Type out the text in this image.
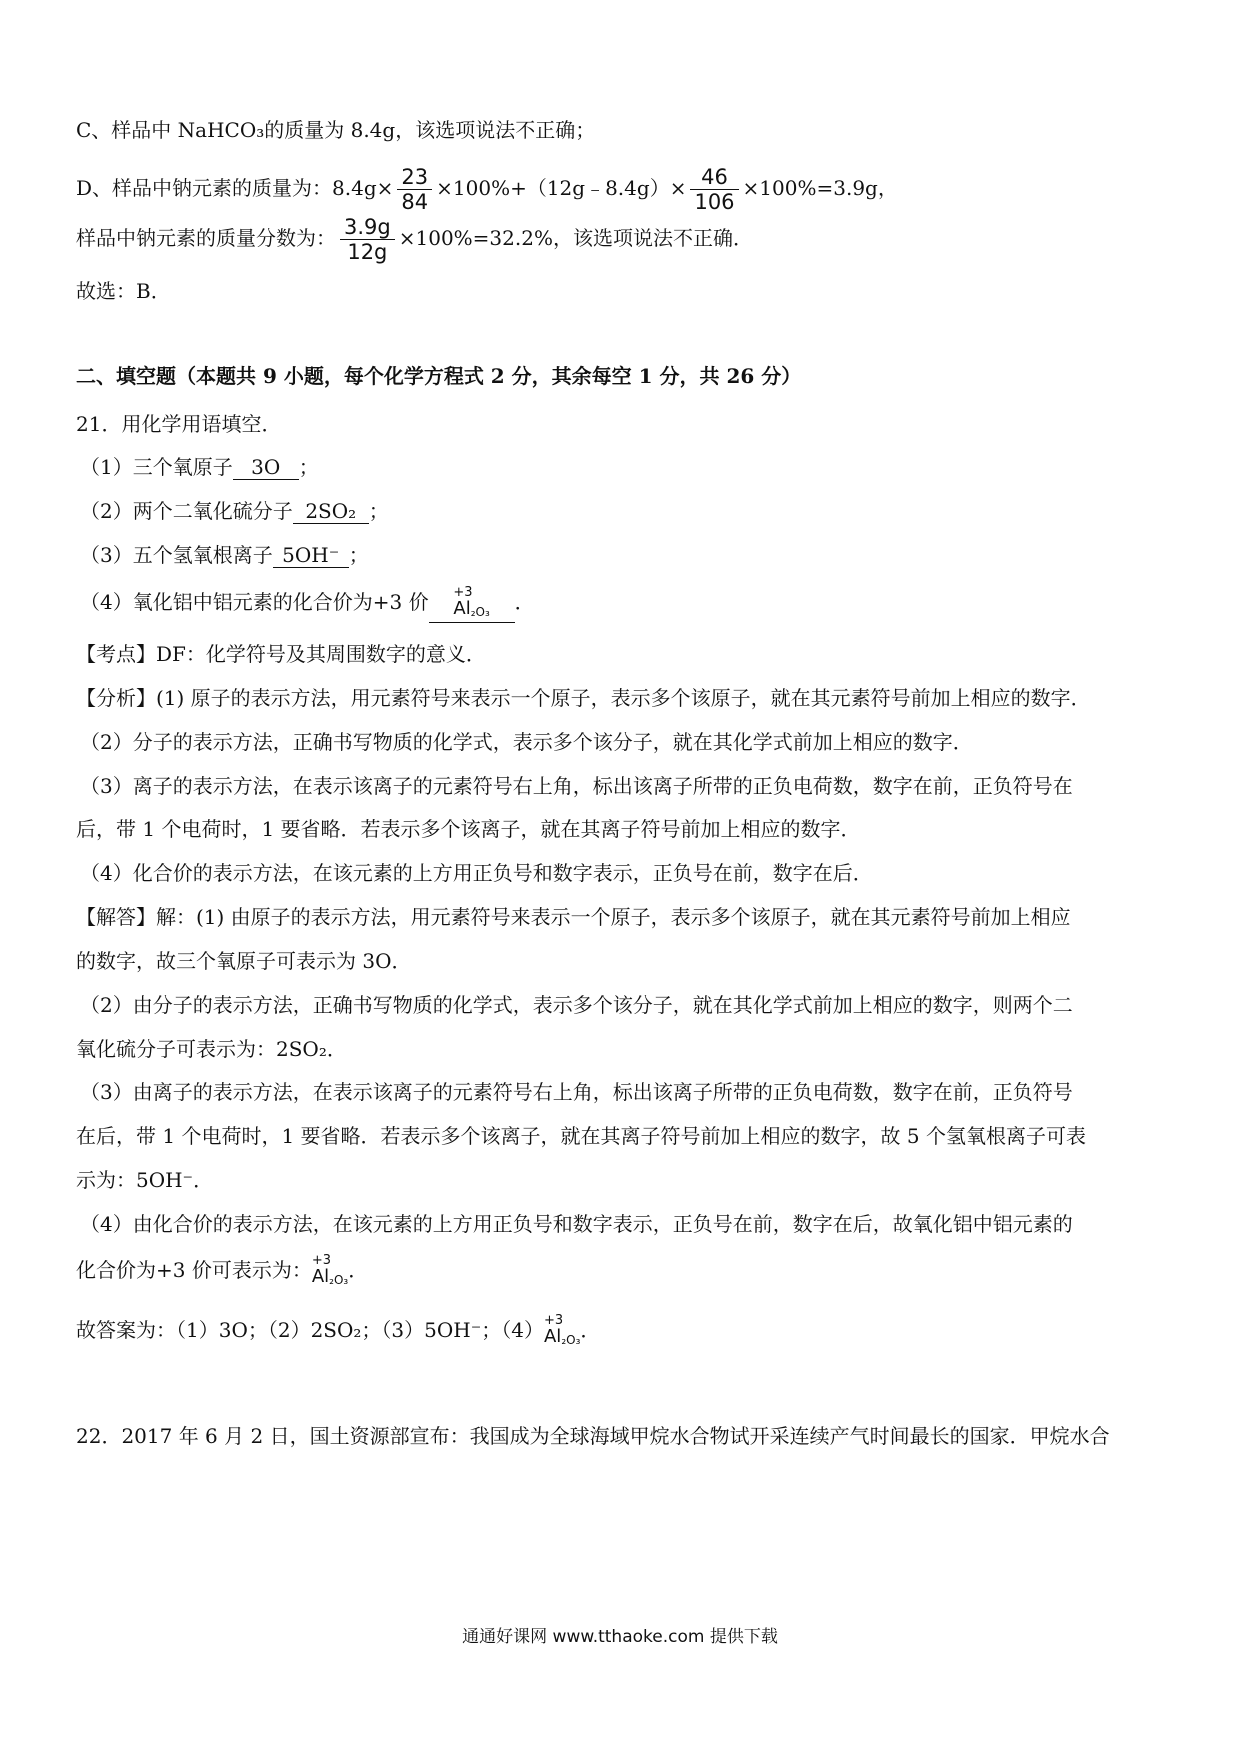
C、样品中 NaHCO₃的质量为 8.4g，该选项说法不正确；
D、样品中钠元素的质量为：$8.4g\times \frac{23}{84}$ ×100%+（12g﹣8.4g）× $\frac{46}{106} \times 100\%=3.9g$，
样品中钠元素的质量分数为： $\frac{3.9g}{12g} \times 100\%=32.2\%$，该选项说法不正确．
故选：B．
二、填空题（本题共 9 小题，每个化学方程式 2 分，其余每空 1 分，共 26 分）
21．用化学用语填空．
（1）三个氧原子 3O ；
（2）两个二氧化硫分子 2SO₂ ；
（3）五个氢氧根离子 5OH⁻ ；
（4）氧化铝中铝元素的化合价为+3 价 +3
Al₂O₃ ．
【考点】DF：化学符号及其周围数字的意义．
【分析】(1) 原子的表示方法，用元素符号来表示一个原子，表示多个该原子，就在其元素符号前加上相应的数字．
（2）分子的表示方法，正确书写物质的化学式，表示多个该分子，就在其化学式前加上相应的数字．
（3）离子的表示方法，在表示该离子的元素符号右上角，标出该离子所带的正负电荷数，数字在前，正负符号在
后，带 1 个电荷时，1 要省略．若表示多个该离子，就在其离子符号前加上相应的数字．
（4）化合价的表示方法，在该元素的上方用正负号和数字表示，正负号在前，数字在后．
【解答】解：(1) 由原子的表示方法，用元素符号来表示一个原子，表示多个该原子，就在其元素符号前加上相应
的数字，故三个氧原子可表示为 3O．
（2）由分子的表示方法，正确书写物质的化学式，表示多个该分子，就在其化学式前加上相应的数字，则两个二
氧化硫分子可表示为：2SO₂．
（3）由离子的表示方法，在表示该离子的元素符号右上角，标出该离子所带的正负电荷数，数字在前，正负符号
在后，带 1 个电荷时，1 要省略．若表示多个该离子，就在其离子符号前加上相应的数字，故 5 个氢氧根离子可表
示为：5OH⁻．
（4）由化合价的表示方法，在该元素的上方用正负号和数字表示，正负号在前，数字在后，故氧化铝中铝元素的
化合价为+3 价可表示为： +3
Al₂O₃ ．
故答案为：（1）3O；（2）2SO₂；（3）5OH⁻；（4） +3
Al₂O₃ ．
22．2017 年 6 月 2 日，国土资源部宣布：我国成为全球海域甲烷水合物试开采连续产气时间最长的国家．甲烷水合
通通好课网 www.tthaoke.com 提供下载
